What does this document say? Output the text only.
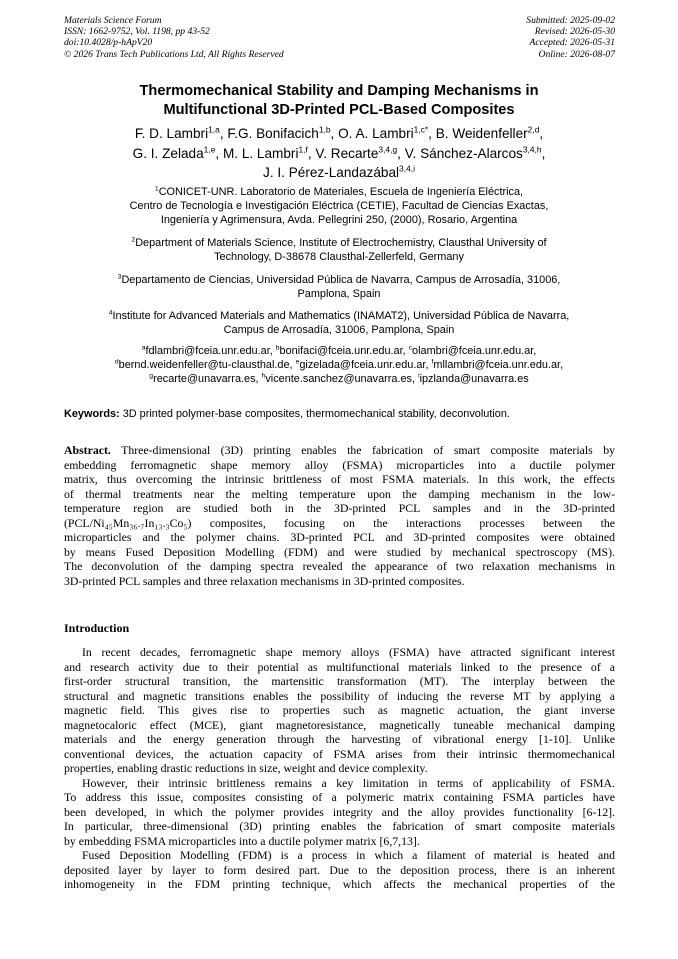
Materials Science Forum
ISSN: 1662-9752, Vol. 1198, pp 43-52
doi:10.4028/p-hApV20
© 2026 Trans Tech Publications Ltd, All Rights Reserved
Submitted: 2025-09-02
Revised: 2026-05-30
Accepted: 2026-05-31
Online: 2026-08-07
Thermomechanical Stability and Damping Mechanisms in
Multifunctional 3D-Printed PCL-Based Composites
F. D. Lambri$^{1,a}$, F.G. Bonifacich$^{1,b}$, O. A. Lambri$^{1,c*}$, B. Weidenfeller$^{2,d}$,
G. I. Zelada$^{1,e}$, M. L. Lambri$^{1,f}$, V. Recarte$^{3,4,g}$, V. Sánchez-Alarcos$^{3,4,h}$,
J. I. Pérez-Landazábal$^{3,4,i}$
$^1$CONICET-UNR. Laboratorio de Materiales, Escuela de Ingeniería Eléctrica,
Centro de Tecnología e Investigación Eléctrica (CETIE), Facultad de Ciencias Exactas,
Ingeniería y Agrimensura, Avda. Pellegrini 250, (2000), Rosario, Argentina
$^2$Department of Materials Science, Institute of Electrochemistry, Clausthal University of
Technology, D-38678 Clausthal-Zellerfeld, Germany
$^3$Departamento de Ciencias, Universidad Pública de Navarra, Campus de Arrosadía, 31006,
Pamplona, Spain
$^4$Institute for Advanced Materials and Mathematics (INAMAT2), Universidad Pública de Navarra,
Campus de Arrosadía, 31006, Pamplona, Spain
$^a$fdlambri@fceia.unr.edu.ar, $^b$bonifaci@fceia.unr.edu.ar, $^c$olambri@fceia.unr.edu.ar,
$^d$bernd.weidenfeller@tu-clausthal.de, $^e$gizelada@fceia.unr.edu.ar, $^f$mllambri@fceia.unr.edu.ar,
$^g$recarte@unavarra.es, $^h$vicente.sanchez@unavarra.es, $^i$ipzlanda@unavarra.es
Keywords: 3D printed polymer-base composites, thermomechanical stability, deconvolution.
Abstract. Three-dimensional (3D) printing enables the fabrication of smart composite materials by
embedding ferromagnetic shape memory alloy (FSMA) microparticles into a ductile polymer
matrix, thus overcoming the intrinsic brittleness of most FSMA materials. In this work, the effects
of thermal treatments near the melting temperature upon the damping mechanism in the low-
temperature region are studied both in the 3D-printed PCL samples and in the 3D-printed
(PCL/Ni₄₅Mn₃₆.₇In₁₃.₃Co₅) composites, focusing on the interactions processes between the
microparticles and the polymer chains. 3D-printed PCL and 3D-printed composites were obtained
by means Fused Deposition Modelling (FDM) and were studied by mechanical spectroscopy (MS).
The deconvolution of the damping spectra revealed the appearance of two relaxation mechanisms in
3D-printed PCL samples and three relaxation mechanisms in 3D-printed composites.
Introduction
In recent decades, ferromagnetic shape memory alloys (FSMA) have attracted significant interest
and research activity due to their potential as multifunctional materials linked to the presence of a
first-order structural transition, the martensitic transformation (MT). The interplay between the
structural and magnetic transitions enables the possibility of inducing the reverse MT by applying a
magnetic field. This gives rise to properties such as magnetic actuation, the giant inverse
magnetocaloric effect (MCE), giant magnetoresistance, magnetically tuneable mechanical damping
materials and the energy generation through the harvesting of vibrational energy [1-10]. Unlike
conventional devices, the actuation capacity of FSMA arises from their intrinsic thermomechanical
properties, enabling drastic reductions in size, weight and device complexity.
However, their intrinsic brittleness remains a key limitation in terms of applicability of FSMA.
To address this issue, composites consisting of a polymeric matrix containing FSMA particles have
been developed, in which the polymer provides integrity and the alloy provides functionality [6-12].
In particular, three-dimensional (3D) printing enables the fabrication of smart composite materials
by embedding FSMA microparticles into a ductile polymer matrix [6,7,13].
Fused Deposition Modelling (FDM) is a process in which a filament of material is heated and
deposited layer by layer to form desired part. Due to the deposition process, there is an inherent
inhomogeneity in the FDM printing technique, which affects the mechanical properties of the
